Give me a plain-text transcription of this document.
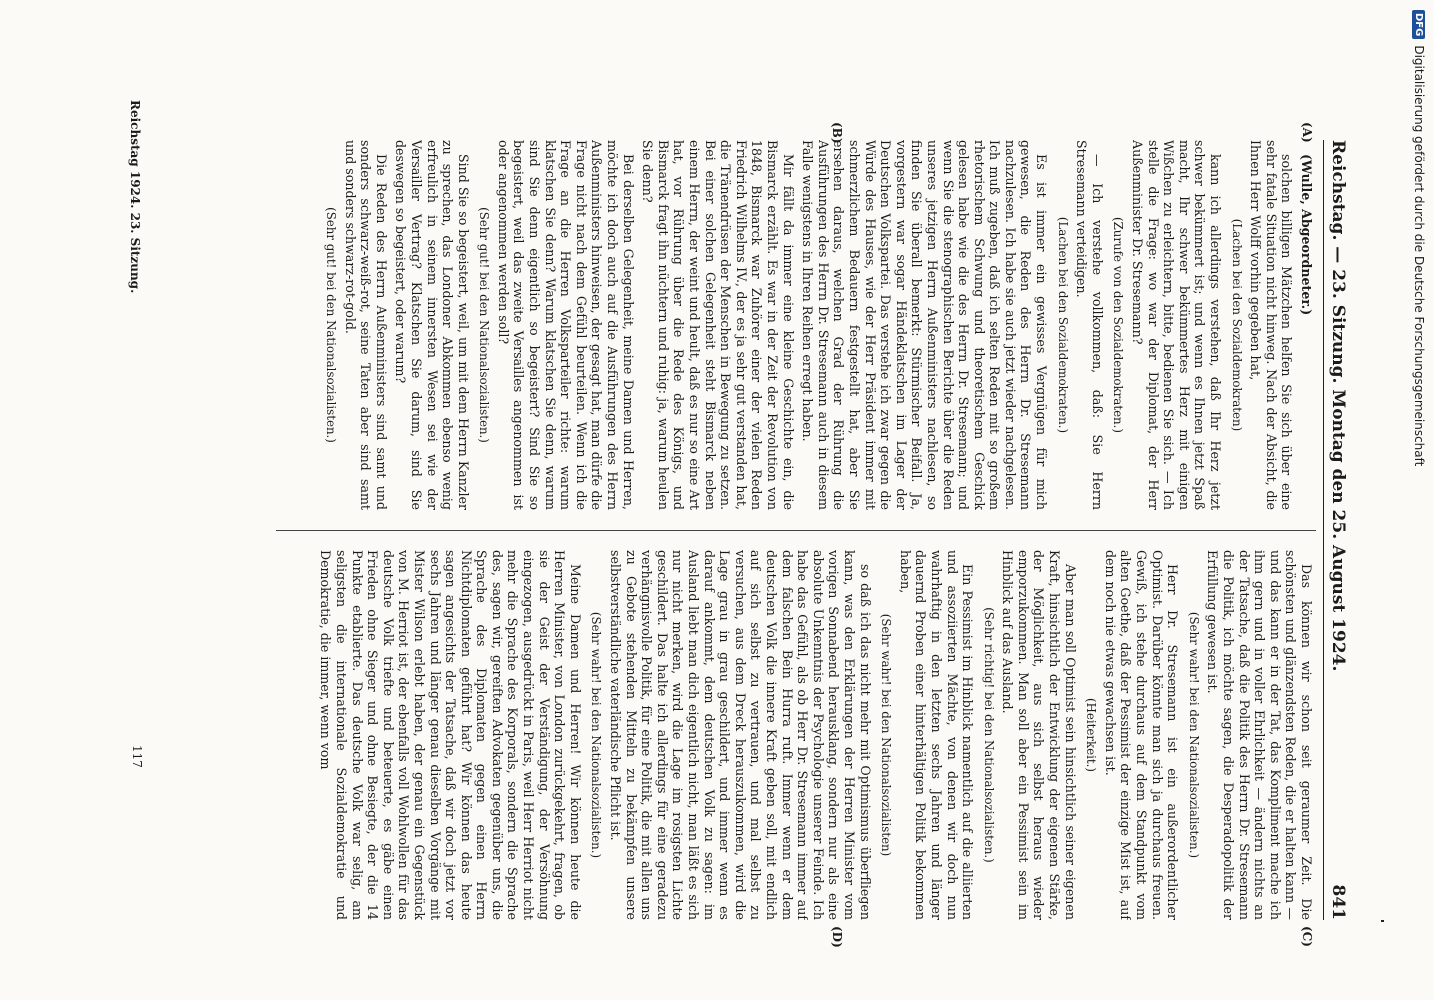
DFG
Digitalisierung gefördert durch die Deutsche Forschungsgemeinschaft
Reichstag. — 23. Sitzung. Montag den 25. August 1924.
841
(A)
(B)
(C)
(D)

(Wulle, Abgeordneter.)

solchen billigen Mätzchen helfen Sie sich über eine sehr fatale Situation nicht hinweg. Nach der Absicht, die Ihnen Herr Wolff vorhin gegeben hat,

(Lachen bei den Sozialdemokraten)

kann ich allerdings verstehen, daß Ihr Herz jetzt schwer bekümmert ist; und wenn es Ihnen jetzt Spaß macht, Ihr schwer bekümmertes Herz mit einigen Wißchen zu erleichtern, bitte, bedienen Sie sich. — Ich stelle die Frage: wo war der Diplomat, der Herr Außenminister Dr. Stresemann?

(Zurufe von den Sozialdemokraten.)

— Ich verstehe vollkommen, daß: Sie Herrn Stresemann verteidigen.

(Lachen bei den Sozialdemokraten.)

Es ist immer ein gewisses Vergnügen für mich gewesen, die Reden des Herrn Dr. Stresemann nachzulesen. Ich habe sie auch jetzt wieder nachgelesen. Ich muß zugeben, daß ich selten Reden mit so großem rhetorischem Schwung und theoretischem Geschick gelesen habe wie die des Herrn Dr. Stresemann; und wenn Sie die stenographischen Berichte über die Reden unseres jetzigen Herrn Außenministers nachlesen, so finden Sie überall bemerkt: Stürmischer Beifall. Ja, vorgestern war sogar Händeklatschen im Lager der Deutschen Volkspartei. Das verstehe ich zwar gegen die Würde des Hauses, wie der Herr Präsident immer mit schmerzlichem Bedauern festgestellt hat, aber Sie ersehen daraus, welchen Grad der Rührung die Ausführungen des Herrn Dr. Stresemann auch in diesem Falle wenigstens in Ihren Reihen erregt haben.

Mir fällt da immer eine kleine Geschichte ein, die Bismarck erzählt. Es war in der Zeit der Revolution von 1848, Bismarck war Zuhörer einer der vielen Reden Friedrich Wilhelms IV., der es ja sehr gut verstanden hat, die Tränendrüsen der Menschen in Bewegung zu setzen. Bei einer solchen Gelegenheit steht Bismarck neben einem Herrn, der weint und heult, daß es nur so eine Art hat, vor Rührung über die Rede des Königs, und Bismarck fragt ihn nüchtern und ruhig: ja, warum heulen Sie denn?

Bei derselben Gelegenheit, meine Damen und Herren, möchte ich doch auch auf die Ausführungen des Herrn Außenministers hinweisen, der gesagt hat, man dürfe die Frage nicht nach dem Gefühl beurteilen. Wenn ich die Frage an die Herren Volksparteiler richte: warum klatschen Sie denn? Warum klatschen Sie denn, warum sind Sie denn eigentlich so begeistert? Sind Sie so begeistert, weil das zweite Versailles angenommen ist oder angenommen werden soll?

(Sehr gut! bei den Nationalsozialisten.)

Sind Sie so begeistert, weil, um mit dem Herrn Kanzler zu sprechen, das Londoner Abkommen ebenso wenig erfreulich in seinem innersten Wesen sei wie der Versailler Vertrag? Klatschen Sie darum, sind Sie deswegen so begeistert, oder warum?

Die Reden des Herrn Außenministers sind samt und sonders schwarz-weiß-rot, seine Taten aber sind samt und sonders schwarz-rot-gold.

(Sehr gut! bei den Nationalsozialisten.)

Das können wir schon seit geraumer Zeit. Die schönsten und glänzendsten Reden, die er halten kann — und das kann er in der Tat, das Kompliment mache ich ihm gern und in voller Ehrlichkeit — ändern nichts an der Tatsache, daß die Politik des Herrn Dr. Stresemann die Politik, ich möchte sagen, die Desperadopolitik der Erfüllung gewesen ist.

(Sehr wahr! bei den Nationalsozialisten.)

Herr Dr. Stresemann ist ein außerordentlicher Optimist. Darüber könnte man sich ja durchaus freuen. Gewiß, ich stehe durchaus auf dem Standpunkt vom alten Goethe, daß der Pessimist der einzige Mist ist, auf dem noch nie etwas gewachsen ist.

(Heiterkeit.)

Aber man soll Optimist sein hinsichtlich seiner eigenen Kraft, hinsichtlich der Entwicklung der eigenen Stärke, der Möglichkeit, aus sich selbst heraus wieder emporzukommen. Man soll aber ein Pessimist sein im Hinblick auf das Ausland.

(Sehr richtig! bei den Nationalsozialisten.)

Ein Pessimist im Hinblick namentlich auf die alliierten und assoziierten Mächte, von denen wir doch nun wahrhaftig in den letzten sechs Jahren und länger dauernd Proben einer hinterhältigen Politik bekommen haben,

(Sehr wahr! bei den Nationalsozialisten)

so daß ich das nicht mehr mit Optimismus überfliegen kann, was den Erklärungen der Herren Minister vom vorigen Sonnabend herausklang, sondern nur als eine absolute Unkenntnis der Psychologie unserer Feinde. Ich habe das Gefühl, als ob Herr Dr. Stresemann immer auf dem falschen Bein Hurra ruft. Immer wenn er dem deutschen Volk die innere Kraft geben soll, mit endlich auf sich selbst zu vertrauen, und mal selbst zu versuchen, aus dem Dreck herauszukommen, wird die Lage grau in grau geschildert, und immer wenn es darauf ankommt, dem deutschen Volk zu sagen: im Ausland liebt man dich eigentlich nicht, man läßt es sich nur nicht merken, wird die Lage im rosigsten Lichte geschildert. Das halte ich allerdings für eine geradezu verhängnisvolle Politik, für eine Politik, die mit allen uns zu Gebote stehenden Mitteln zu bekämpfen unsere selbstverständliche vaterländische Pflicht ist.

(Sehr wahr! bei den Nationalsozialisten.)

Meine Damen und Herren! Wir können heute die Herren Minister, von London zurückgekehrt, fragen, ob sie der Geist der Verständigung, der Versöhnung eingezogen, ausgedrückt in Paris, weil Herr Herriot nicht mehr die Sprache des Korporals, sondern die Sprache des, sagen wir, gereiften Advokaten gegenüber uns, die Sprache des Diplomaten gegen einen Herrn Nichtdiplomaten geführt hat? Wir können das heute sagen angesichts der Tatsache, daß wir doch jetzt vor sechs Jahren und länger genau dieselben Vorgänge mit Mister Wilson erlebt haben, der genau ein Gegenstück von M. Herriot ist, der ebenfalls voll Wohlwollen für das deutsche Volk triefte und beteuerte, es gäbe einen Frieden ohne Sieger und ohne Besiegte, der die 14 Punkte etablierte. Das deutsche Volk war selig, am seligsten die internationale Sozialdemokratie und Demokratie, die immer, wenn vom

Reichstag 1924. 23. Sitzung.
117
